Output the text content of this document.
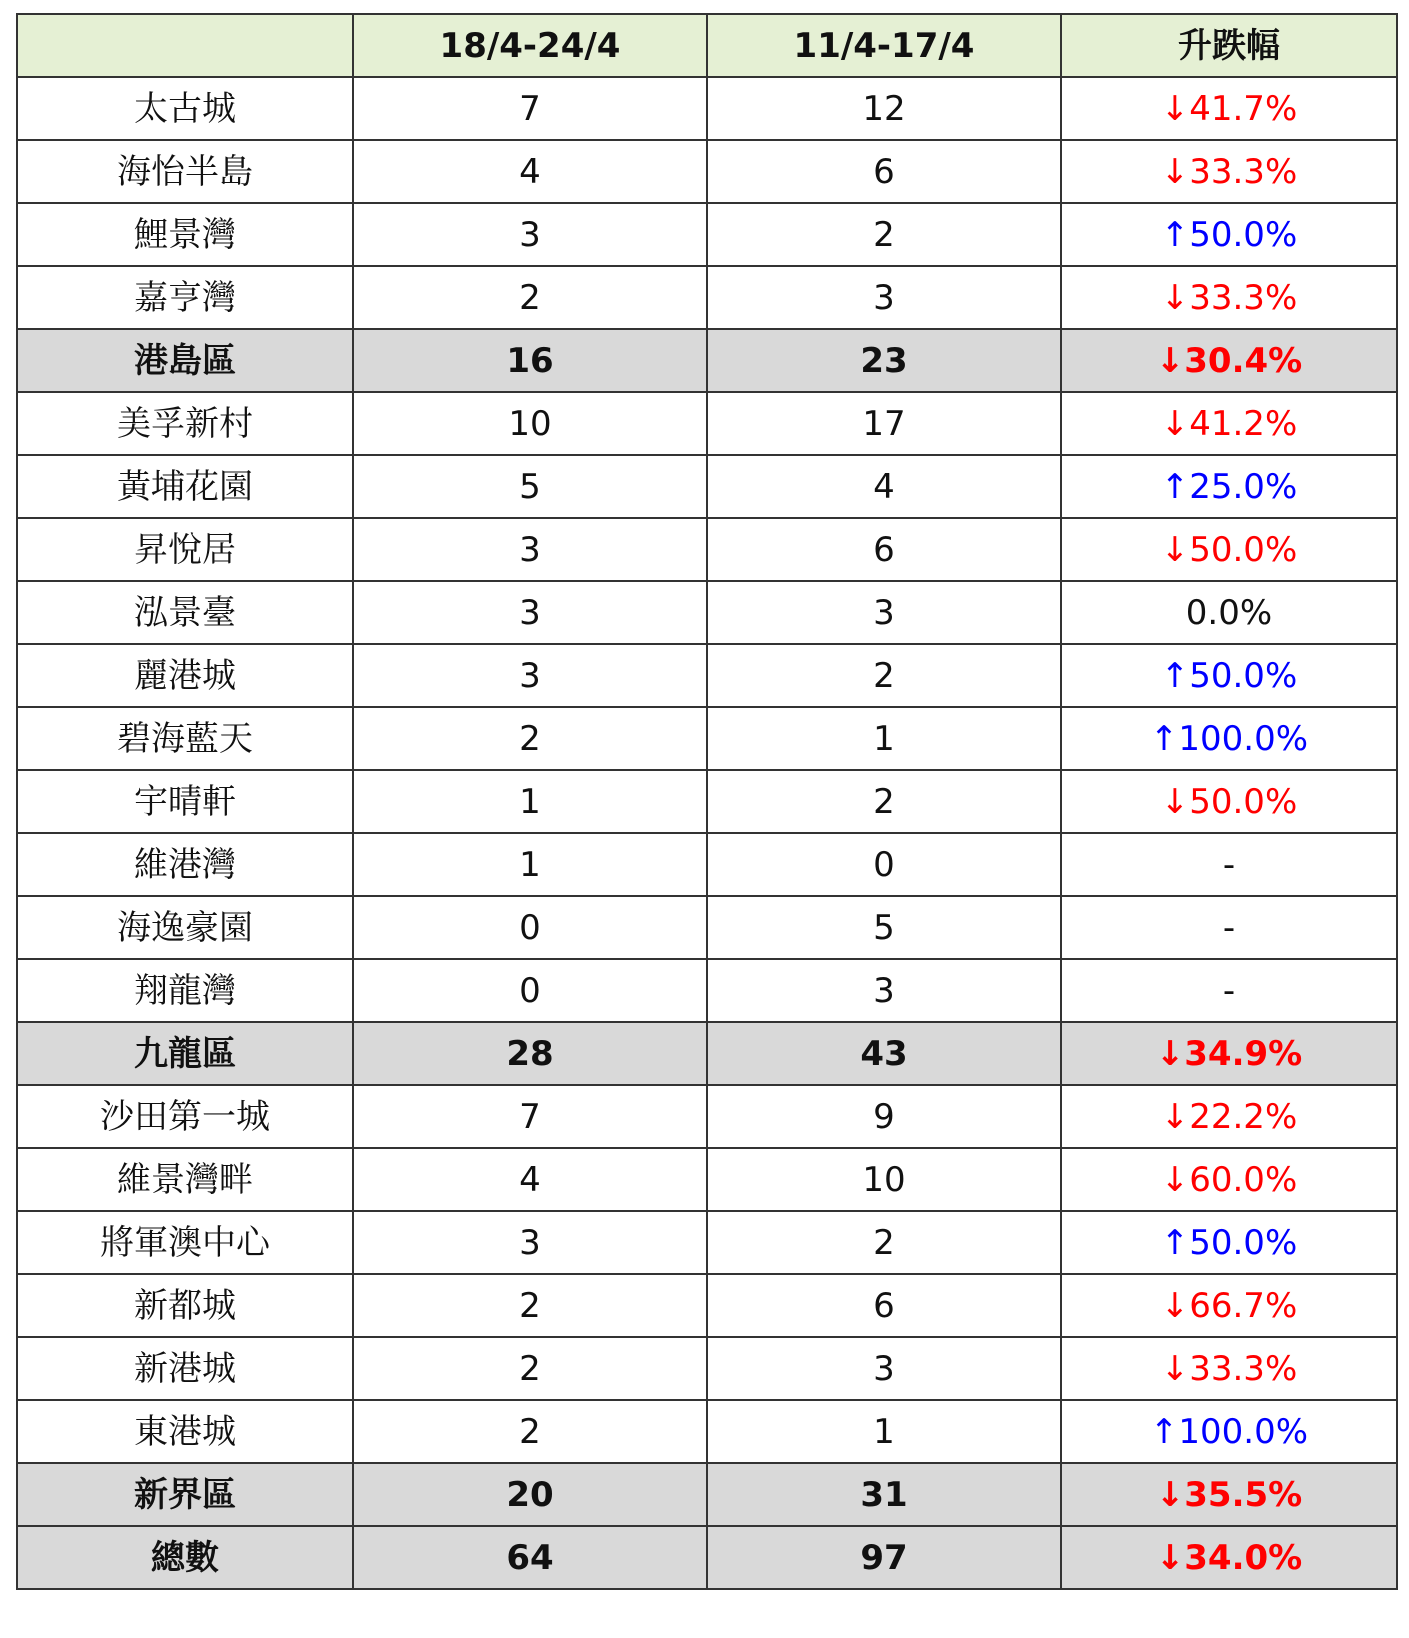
	18/4-24/4	11/4-17/4	升跌幅
太古城	7	12	↓41.7%
海怡半島	4	6	↓33.3%
鯉景灣	3	2	↑50.0%
嘉亨灣	2	3	↓33.3%
港島區	16	23	↓30.4%
美孚新村	10	17	↓41.2%
黃埔花園	5	4	↑25.0%
昇悅居	3	6	↓50.0%
泓景臺	3	3	0.0%
麗港城	3	2	↑50.0%
碧海藍天	2	1	↑100.0%
宇晴軒	1	2	↓50.0%
維港灣	1	0	-
海逸豪園	0	5	-
翔龍灣	0	3	-
九龍區	28	43	↓34.9%
沙田第一城	7	9	↓22.2%
維景灣畔	4	10	↓60.0%
將軍澳中心	3	2	↑50.0%
新都城	2	6	↓66.7%
新港城	2	3	↓33.3%
東港城	2	1	↑100.0%
新界區	20	31	↓35.5%
總數	64	97	↓34.0%
